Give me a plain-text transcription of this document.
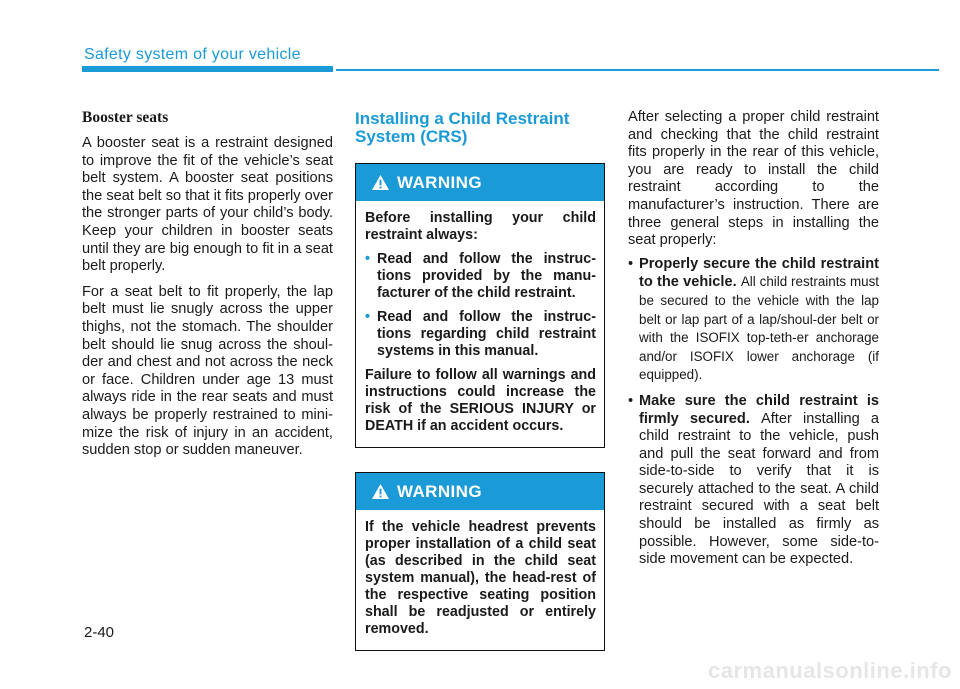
Safety system of your vehicle
Booster seats

A booster seat is a restraint designed to improve the fit of the vehicle’s seat belt system. A booster seat positions the seat belt so that it fits properly over the stronger parts of your child’s body. Keep your children in booster seats until they are big enough to fit in a seat belt properly.

For a seat belt to fit properly, the lap belt must lie snugly across the upper thighs, not the stomach. The shoulder belt should lie snug across the shoul-der and chest and not across the neck or face. Children under age 13 must always ride in the rear seats and must always be properly restrained to mini-mize the risk of injury in an accident, sudden stop or sudden maneuver.

Installing a Child Restraint System (CRS)
WARNING

Before installing your child restraint always:

• Read and follow the instruc-tions provided by the manu-facturer of the child restraint.
• Read and follow the instruc-tions regarding child restraint systems in this manual.

Failure to follow all warnings and instructions could increase the risk of the SERIOUS INJURY or DEATH if an accident occurs.

WARNING

If the vehicle headrest prevents proper installation of a child seat (as described in the child seat system manual), the head-rest of the respective seating position shall be readjusted or entirely removed.

After selecting a proper child restraint and checking that the child restraint fits properly in the rear of this vehicle, you are ready to install the child restraint according to the manufacturer’s instruction. There are three general steps in installing the seat properly:

• Properly secure the child restraint to the vehicle. All child restraints must be secured to the vehicle with the lap belt or lap part of a lap/shoul-der belt or with the ISOFIX top-teth-er anchorage and/or ISOFIX lower anchorage (if equipped).
• Make sure the child restraint is firmly secured. After installing a child restraint to the vehicle, push and pull the seat forward and from side-to-side to verify that it is securely attached to the seat. A child restraint secured with a seat belt should be installed as firmly as possible. However, some side-to-side movement can be expected.
2-40
carmanualsonline.info
